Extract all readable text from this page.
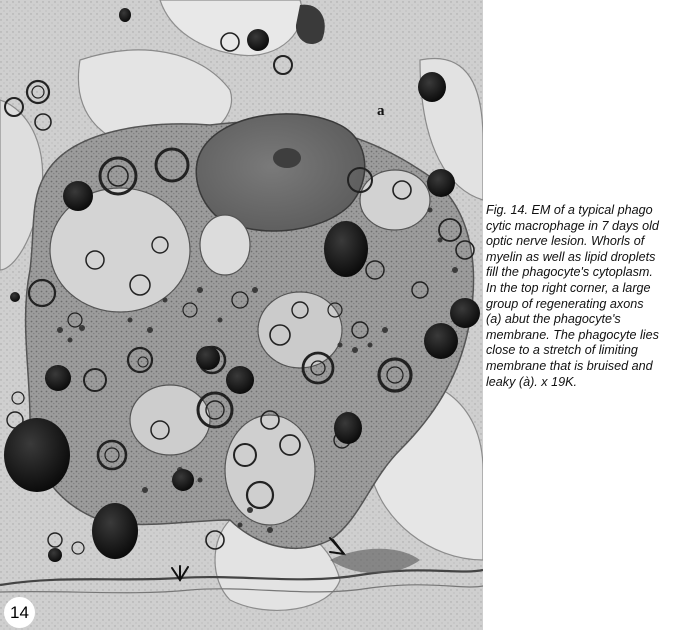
a
14

Fig. 14. EM of a typical phago
cytic macrophage in 7 days old
optic nerve lesion. Whorls of
myelin as well as lipid droplets
fill the phagocyte's cytoplasm.
In the top right corner, a large
group of regenerating axons
(a) abut the phagocyte's
membrane. The phagocyte lies
close to a stretch of limiting
membrane that is bruised and
leaky (à). x 19K.
